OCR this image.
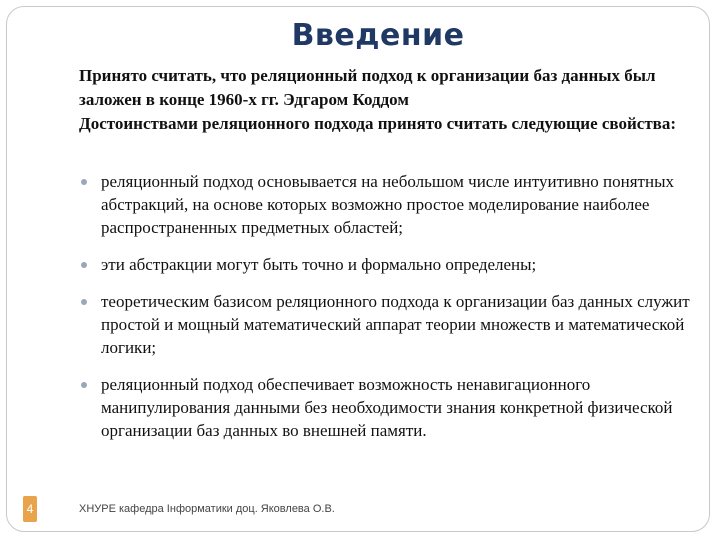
Введение
Принято считать, что реляционный подход к организации баз данных был заложен в конце 1960-х гг. Эдгаром Коддом
Достоинствами реляционного подхода принято считать следующие свойства:
реляционный подход основывается на небольшом числе интуитивно понятных абстракций, на основе которых возможно простое моделирование наиболее распространенных предметных областей;
эти абстракции могут быть точно и формально определены;
теоретическим базисом реляционного подхода к организации баз данных служит простой и мощный математический аппарат теории множеств и математической логики;
реляционный подход обеспечивает возможность ненавигационного манипулирования данными без необходимости знания конкретной физической организации баз данных во внешней памяти.
4	ХНУРЕ кафедра Інформатики доц. Яковлева О.В.
